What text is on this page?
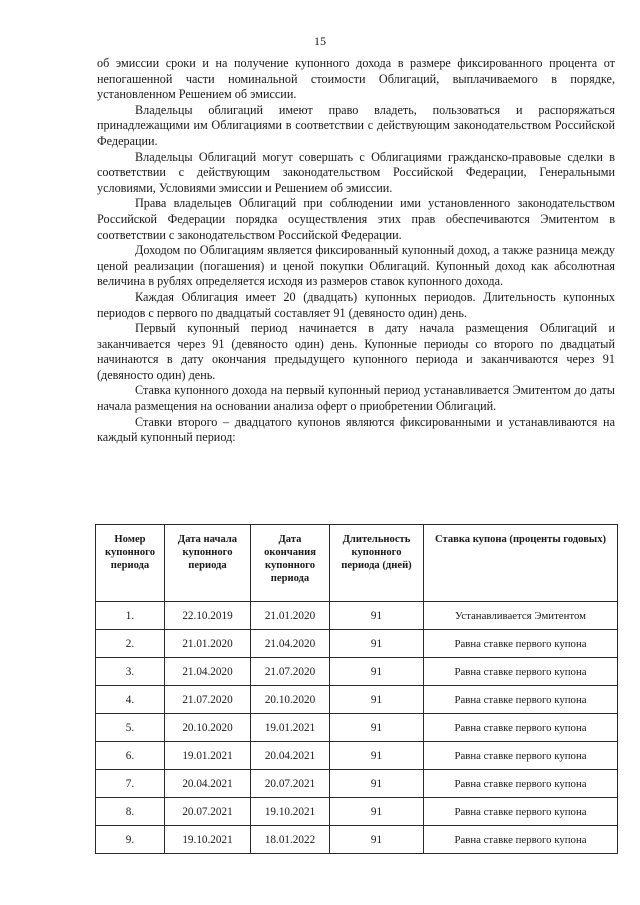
15

об эмиссии сроки и на получение купонного дохода в размере фиксированного процента от непогашенной части номинальной стоимости Облигаций, выплачиваемого в порядке, установленном Решением об эмиссии.

Владельцы облигаций имеют право владеть, пользоваться и распоряжаться принадлежащими им Облигациями в соответствии с действующим законодательством Российской Федерации.

Владельцы Облигаций могут совершать с Облигациями гражданско-правовые сделки в соответствии с действующим законодательством Российской Федерации, Генеральными условиями, Условиями эмиссии и Решением об эмиссии.

Права владельцев Облигаций при соблюдении ими установленного законодательством Российской Федерации порядка осуществления этих прав обеспечиваются Эмитентом в соответствии с законодательством Российской Федерации.

Доходом по Облигациям является фиксированный купонный доход, а также разница между ценой реализации (погашения) и ценой покупки Облигаций. Купонный доход как абсолютная величина в рублях определяется исходя из размеров ставок купонного дохода.

Каждая Облигация имеет 20 (двадцать) купонных периодов. Длительность купонных периодов с первого по двадцатый составляет 91 (девяносто один) день.

Первый купонный период начинается в дату начала размещения Облигаций и заканчивается через 91 (девяносто один) день. Купонные периоды со второго по двадцатый начинаются в дату окончания предыдущего купонного периода и заканчиваются через 91 (девяносто один) день.

Ставка купонного дохода на первый купонный период устанавливается Эмитентом до даты начала размещения на основании анализа оферт о приобретении Облигаций.

Ставки второго – двадцатого купонов являются фиксированными и устанавливаются на каждый купонный период:

Номер купонного периода	Дата начала купонного периода	Дата окончания купонного периода	Длительность купонного периода (дней)	Ставка купона (проценты годовых)
1.	22.10.2019	21.01.2020	91	Устанавливается Эмитентом
2.	21.01.2020	21.04.2020	91	Равна ставке первого купона
3.	21.04.2020	21.07.2020	91	Равна ставке первого купона
4.	21.07.2020	20.10.2020	91	Равна ставке первого купона
5.	20.10.2020	19.01.2021	91	Равна ставке первого купона
6.	19.01.2021	20.04.2021	91	Равна ставке первого купона
7.	20.04.2021	20.07.2021	91	Равна ставке первого купона
8.	20.07.2021	19.10.2021	91	Равна ставке первого купона
9.	19.10.2021	18.01.2022	91	Равна ставке первого купона
